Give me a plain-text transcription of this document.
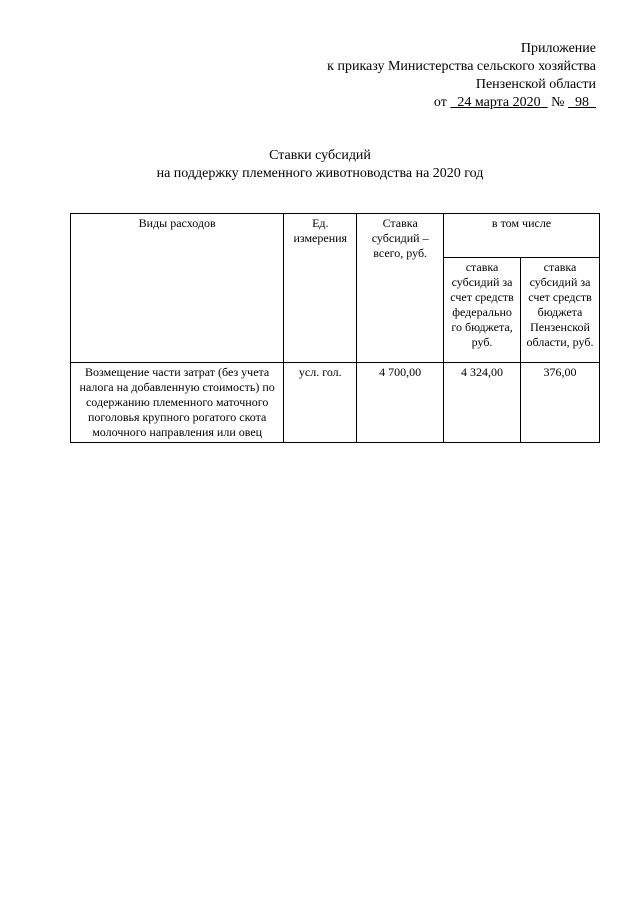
Приложение
к приказу Министерства сельского хозяйства
Пензенской области
от 24 марта 2020 № 98
Ставки субсидий
на поддержку племенного животноводства на 2020 год
Виды расходов	Ед. измерения	Ставка субсидий – всего, руб.	в том числе	
			ставка субсидий за счет средств федерально го бюджета, руб.	ставка субсидий за счет средств бюджета Пензенской области, руб.
Возмещение части затрат (без учета налога на добавленную стоимость) по содержанию племенного маточного поголовья крупного рогатого скота молочного направления или овец	усл. гол.	4 700,00	4 324,00	376,00
